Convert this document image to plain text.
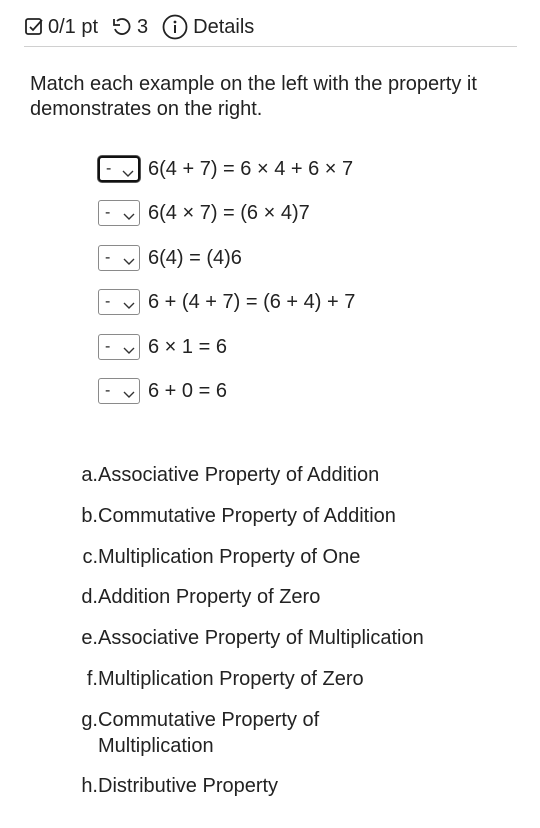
0/1 pt 3 Details
Match each example on the left with the property it demonstrates on the right.
- 6(4 + 7) = 6 × 4 + 6 × 7
- 6(4 × 7) = (6 × 4)7
- 6(4) = (4)6
- 6 + (4 + 7) = (6 + 4) + 7
- 6 × 1 = 6
- 6 + 0 = 6
a. Associative Property of Addition
b. Commutative Property of Addition
c. Multiplication Property of One
d. Addition Property of Zero
e. Associative Property of Multiplication
f. Multiplication Property of Zero
g. Commutative Property of Multiplication
h. Distributive Property
